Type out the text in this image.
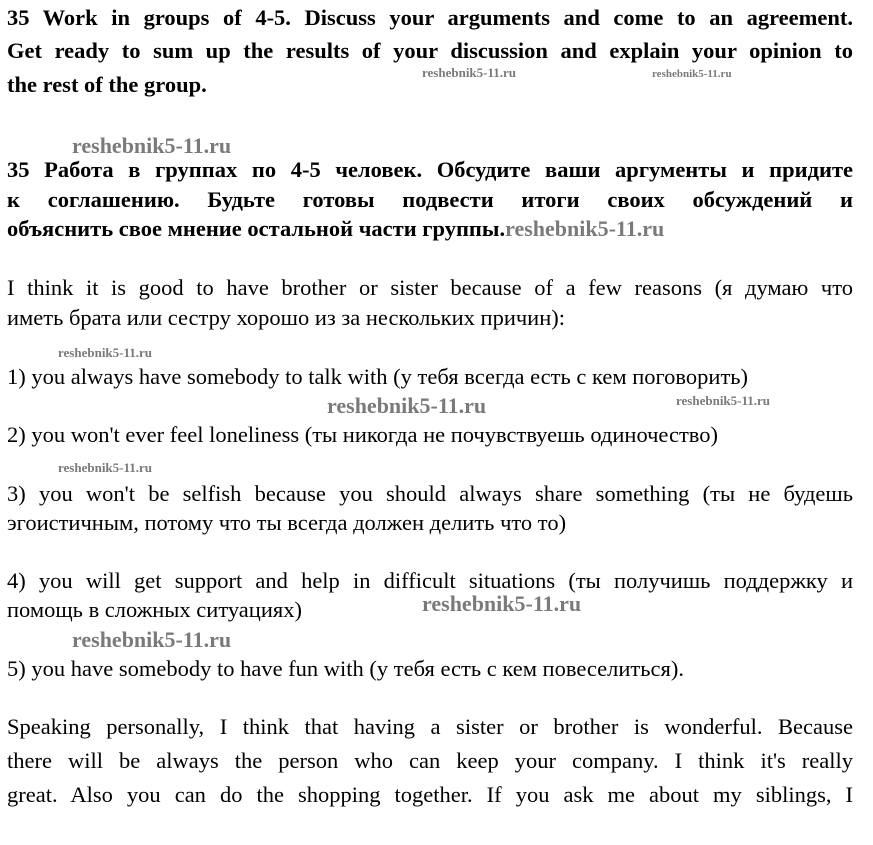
35 Work in groups of 4-5. Discuss your arguments and come to an agreement.
Get ready to sum up the results of your discussion and explain your opinion to
the rest of the group.	reshebnik5-11.ru	reshebnik5-11.ru
reshebnik5-11.ru
35 Работа в группах по 4-5 человек. Обсудите ваши аргументы и придите
к соглашению. Будьте готовы подвести итоги своих обсуждений и
объяснить свое мнение остальной части группы.reshebnik5-11.ru
I think it is good to have brother or sister because of a few reasons (я думаю что
иметь брата или сестру хорошо из за нескольких причин):
reshebnik5-11.ru
1) you always have somebody to talk with (у тебя всегда есть с кем поговорить)
reshebnik5-11.ru	reshebnik5-11.ru
2) you won't ever feel loneliness (ты никогда не почувствуешь одиночество)
reshebnik5-11.ru
3) you won't be selfish because you should always share something (ты не будешь
эгоистичным, потому что ты всегда должен делить что то)
4) you will get support and help in difficult situations (ты получишь поддержку и
помощь в сложных ситуациях)	reshebnik5-11.ru
reshebnik5-11.ru
5) you have somebody to have fun with (у тебя есть с кем повеселиться).
Speaking personally, I think that having a sister or brother is wonderful. Because
there will be always the person who can keep your company. I think it's really
great. Also you can do the shopping together. If you ask me about my siblings, I
